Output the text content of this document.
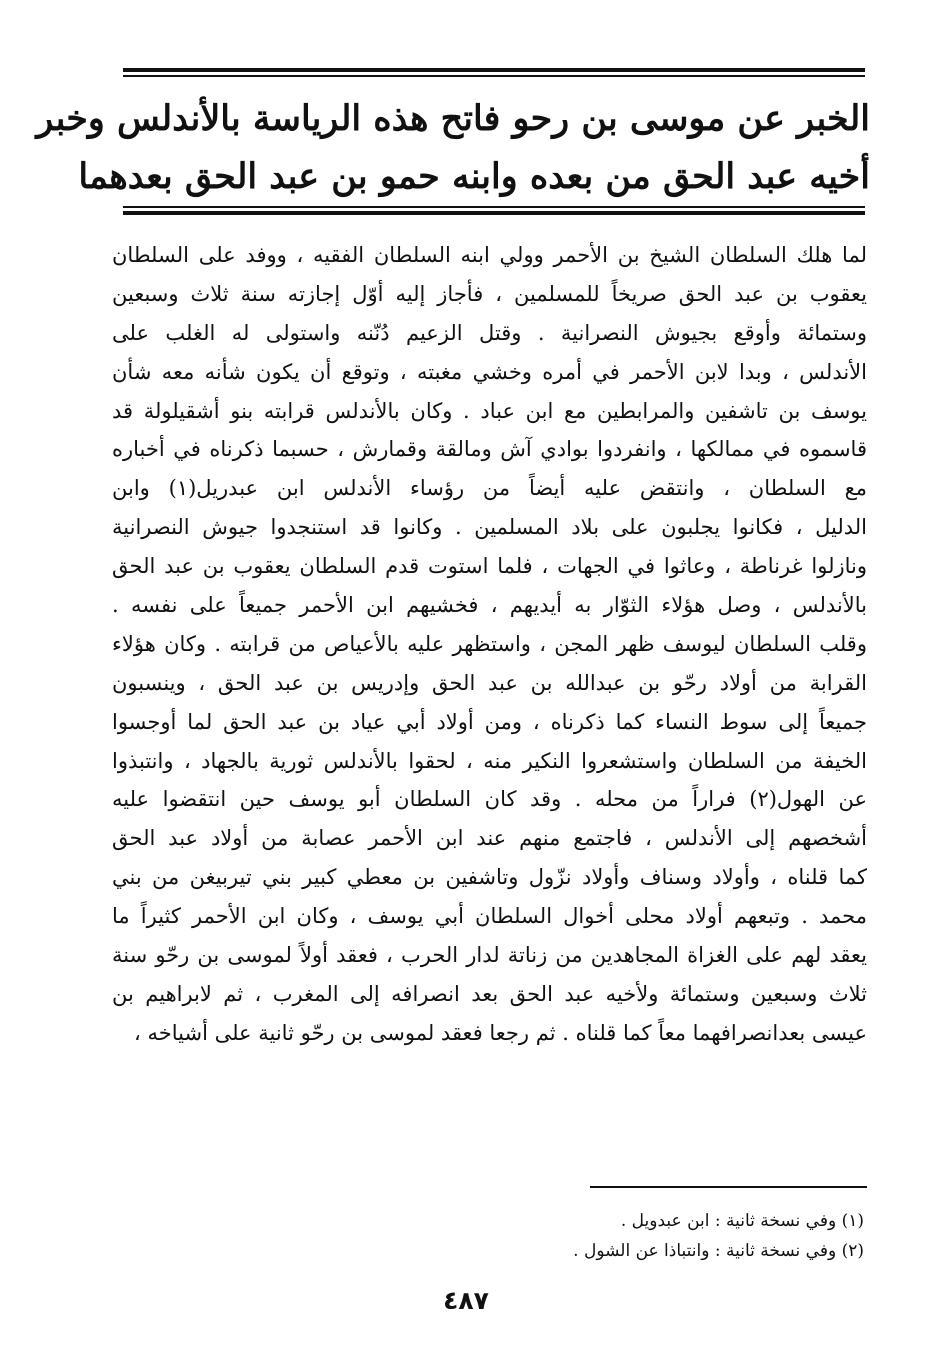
الخبر عن موسى بن رحو فاتح هذه الرياسة بالأندلس وخبر
أخيه عبد الحق من بعده وابنه حمو بن عبد الحق بعدهما
لما هلك السلطان الشيخ بن الأحمر وولي ابنه السلطان الفقيه ، ووفد على السلطان
يعقوب بن عبد الحق صريخاً للمسلمين ، فأجاز إليه أوّل إجازته سنة ثلاث وسبعين
وستمائة وأوقع بجيوش النصرانية . وقتل الزعيم دُنّنه واستولى له الغلب على
الأندلس ، وبدا لابن الأحمر في أمره وخشي مغبته ، وتوقع أن يكون شأنه معه شأن
يوسف بن تاشفين والمرابطين مع ابن عباد . وكان بالأندلس قرابته بنو أشقيلولة قد
قاسموه في ممالكها ، وانفردوا بوادي آش ومالقة وقمارش ، حسبما ذكرناه في أخباره
مع السلطان ، وانتقض عليه أيضاً من رؤساء الأندلس ابن عبدريل(١) وابن
الدليل ، فكانوا يجلبون على بلاد المسلمين . وكانوا قد استنجدوا جيوش النصرانية
ونازلوا غرناطة ، وعاثوا في الجهات ، فلما استوت قدم السلطان يعقوب بن عبد الحق
بالأندلس ، وصل هؤلاء الثوّار به أيديهم ، فخشيهم ابن الأحمر جميعاً على نفسه .
وقلب السلطان ليوسف ظهر المجن ، واستظهر عليه بالأعياص من قرابته . وكان هؤلاء
القرابة من أولاد رحّو بن عبدالله بن عبد الحق وإدريس بن عبد الحق ، وينسبون
جميعاً إلى سوط النساء كما ذكرناه ، ومن أولاد أبي عياد بن عبد الحق لما أوجسوا
الخيفة من السلطان واستشعروا النكير منه ، لحقوا بالأندلس ثورية بالجهاد ، وانتبذوا
عن الهول(٢) فراراً من محله . وقد كان السلطان أبو يوسف حين انتقضوا عليه
أشخصهم إلى الأندلس ، فاجتمع منهم عند ابن الأحمر عصابة من أولاد عبد الحق
كما قلناه ، وأولاد وسناف وأولاد نزّول وتاشفين بن معطي كبير بني تيربيغن من بني
محمد . وتبعهم أولاد محلى أخوال السلطان أبي يوسف ، وكان ابن الأحمر كثيراً ما
يعقد لهم على الغزاة المجاهدين من زناتة لدار الحرب ، فعقد أولاً لموسى بن رحّو سنة
ثلاث وسبعين وستمائة ولأخيه عبد الحق بعد انصرافه إلى المغرب ، ثم لابراهيم بن
عيسى بعدانصرافهما معاً كما قلناه . ثم رجعا فعقد لموسى بن رحّو ثانية على أشياخه ،
(١) وفي نسخة ثانية : ابن عبدويل .
(٢) وفي نسخة ثانية : وانتباذا عن الشول .
٤٨٧
